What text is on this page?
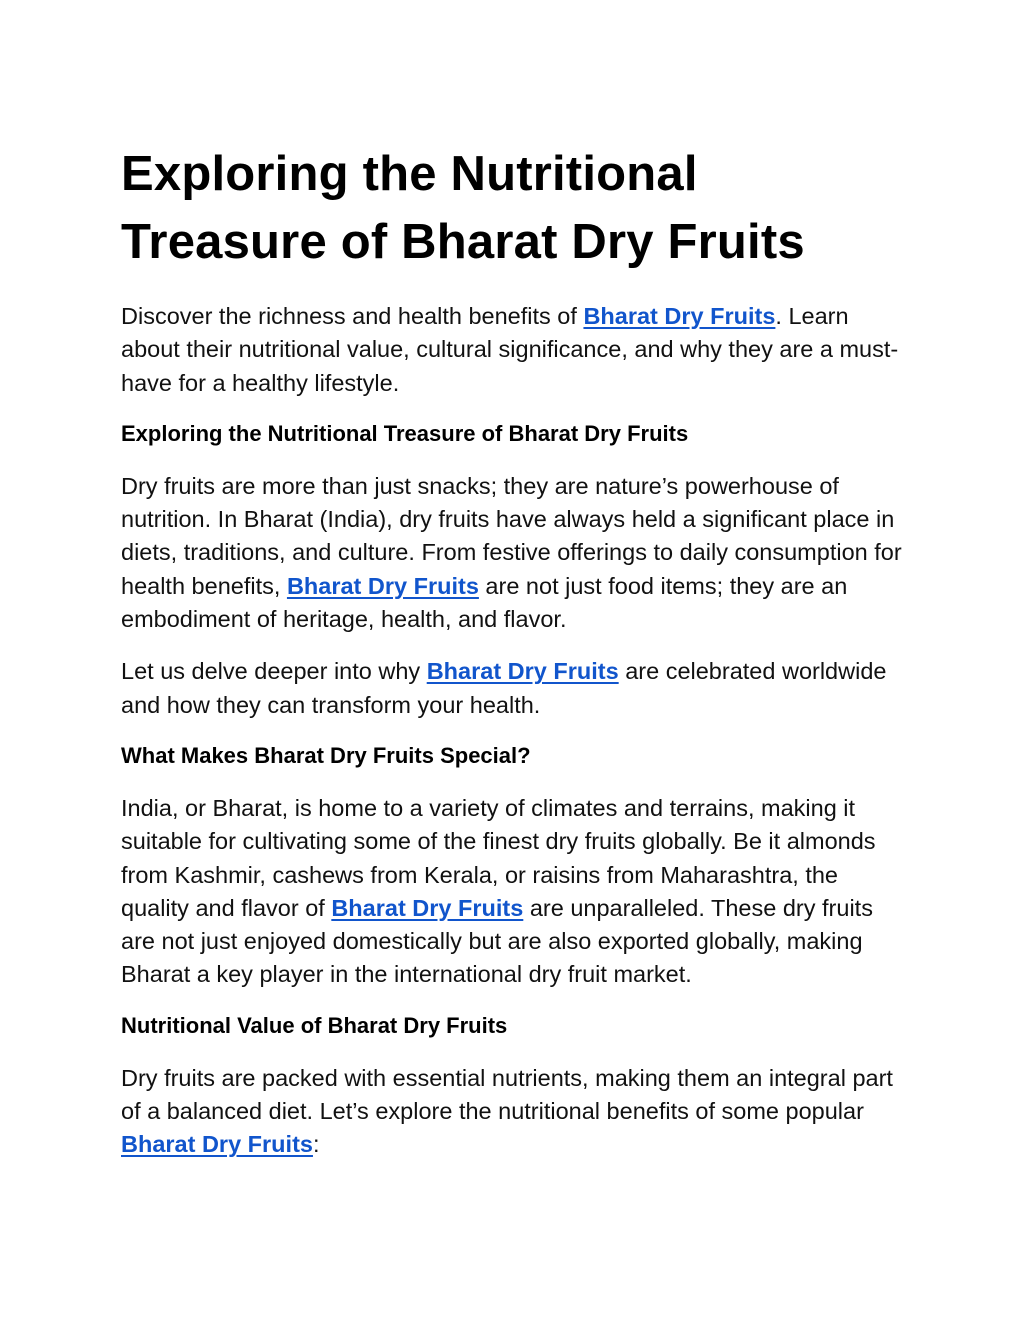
Exploring the Nutritional Treasure of Bharat Dry Fruits

Discover the richness and health benefits of Bharat Dry Fruits. Learn about their nutritional value, cultural significance, and why they are a must-have for a healthy lifestyle.

Exploring the Nutritional Treasure of Bharat Dry Fruits

Dry fruits are more than just snacks; they are nature’s powerhouse of nutrition. In Bharat (India), dry fruits have always held a significant place in diets, traditions, and culture. From festive offerings to daily consumption for health benefits, Bharat Dry Fruits are not just food items; they are an embodiment of heritage, health, and flavor.

Let us delve deeper into why Bharat Dry Fruits are celebrated worldwide and how they can transform your health.

What Makes Bharat Dry Fruits Special?

India, or Bharat, is home to a variety of climates and terrains, making it suitable for cultivating some of the finest dry fruits globally. Be it almonds from Kashmir, cashews from Kerala, or raisins from Maharashtra, the quality and flavor of Bharat Dry Fruits are unparalleled. These dry fruits are not just enjoyed domestically but are also exported globally, making Bharat a key player in the international dry fruit market.

Nutritional Value of Bharat Dry Fruits

Dry fruits are packed with essential nutrients, making them an integral part of a balanced diet. Let’s explore the nutritional benefits of some popular Bharat Dry Fruits:
